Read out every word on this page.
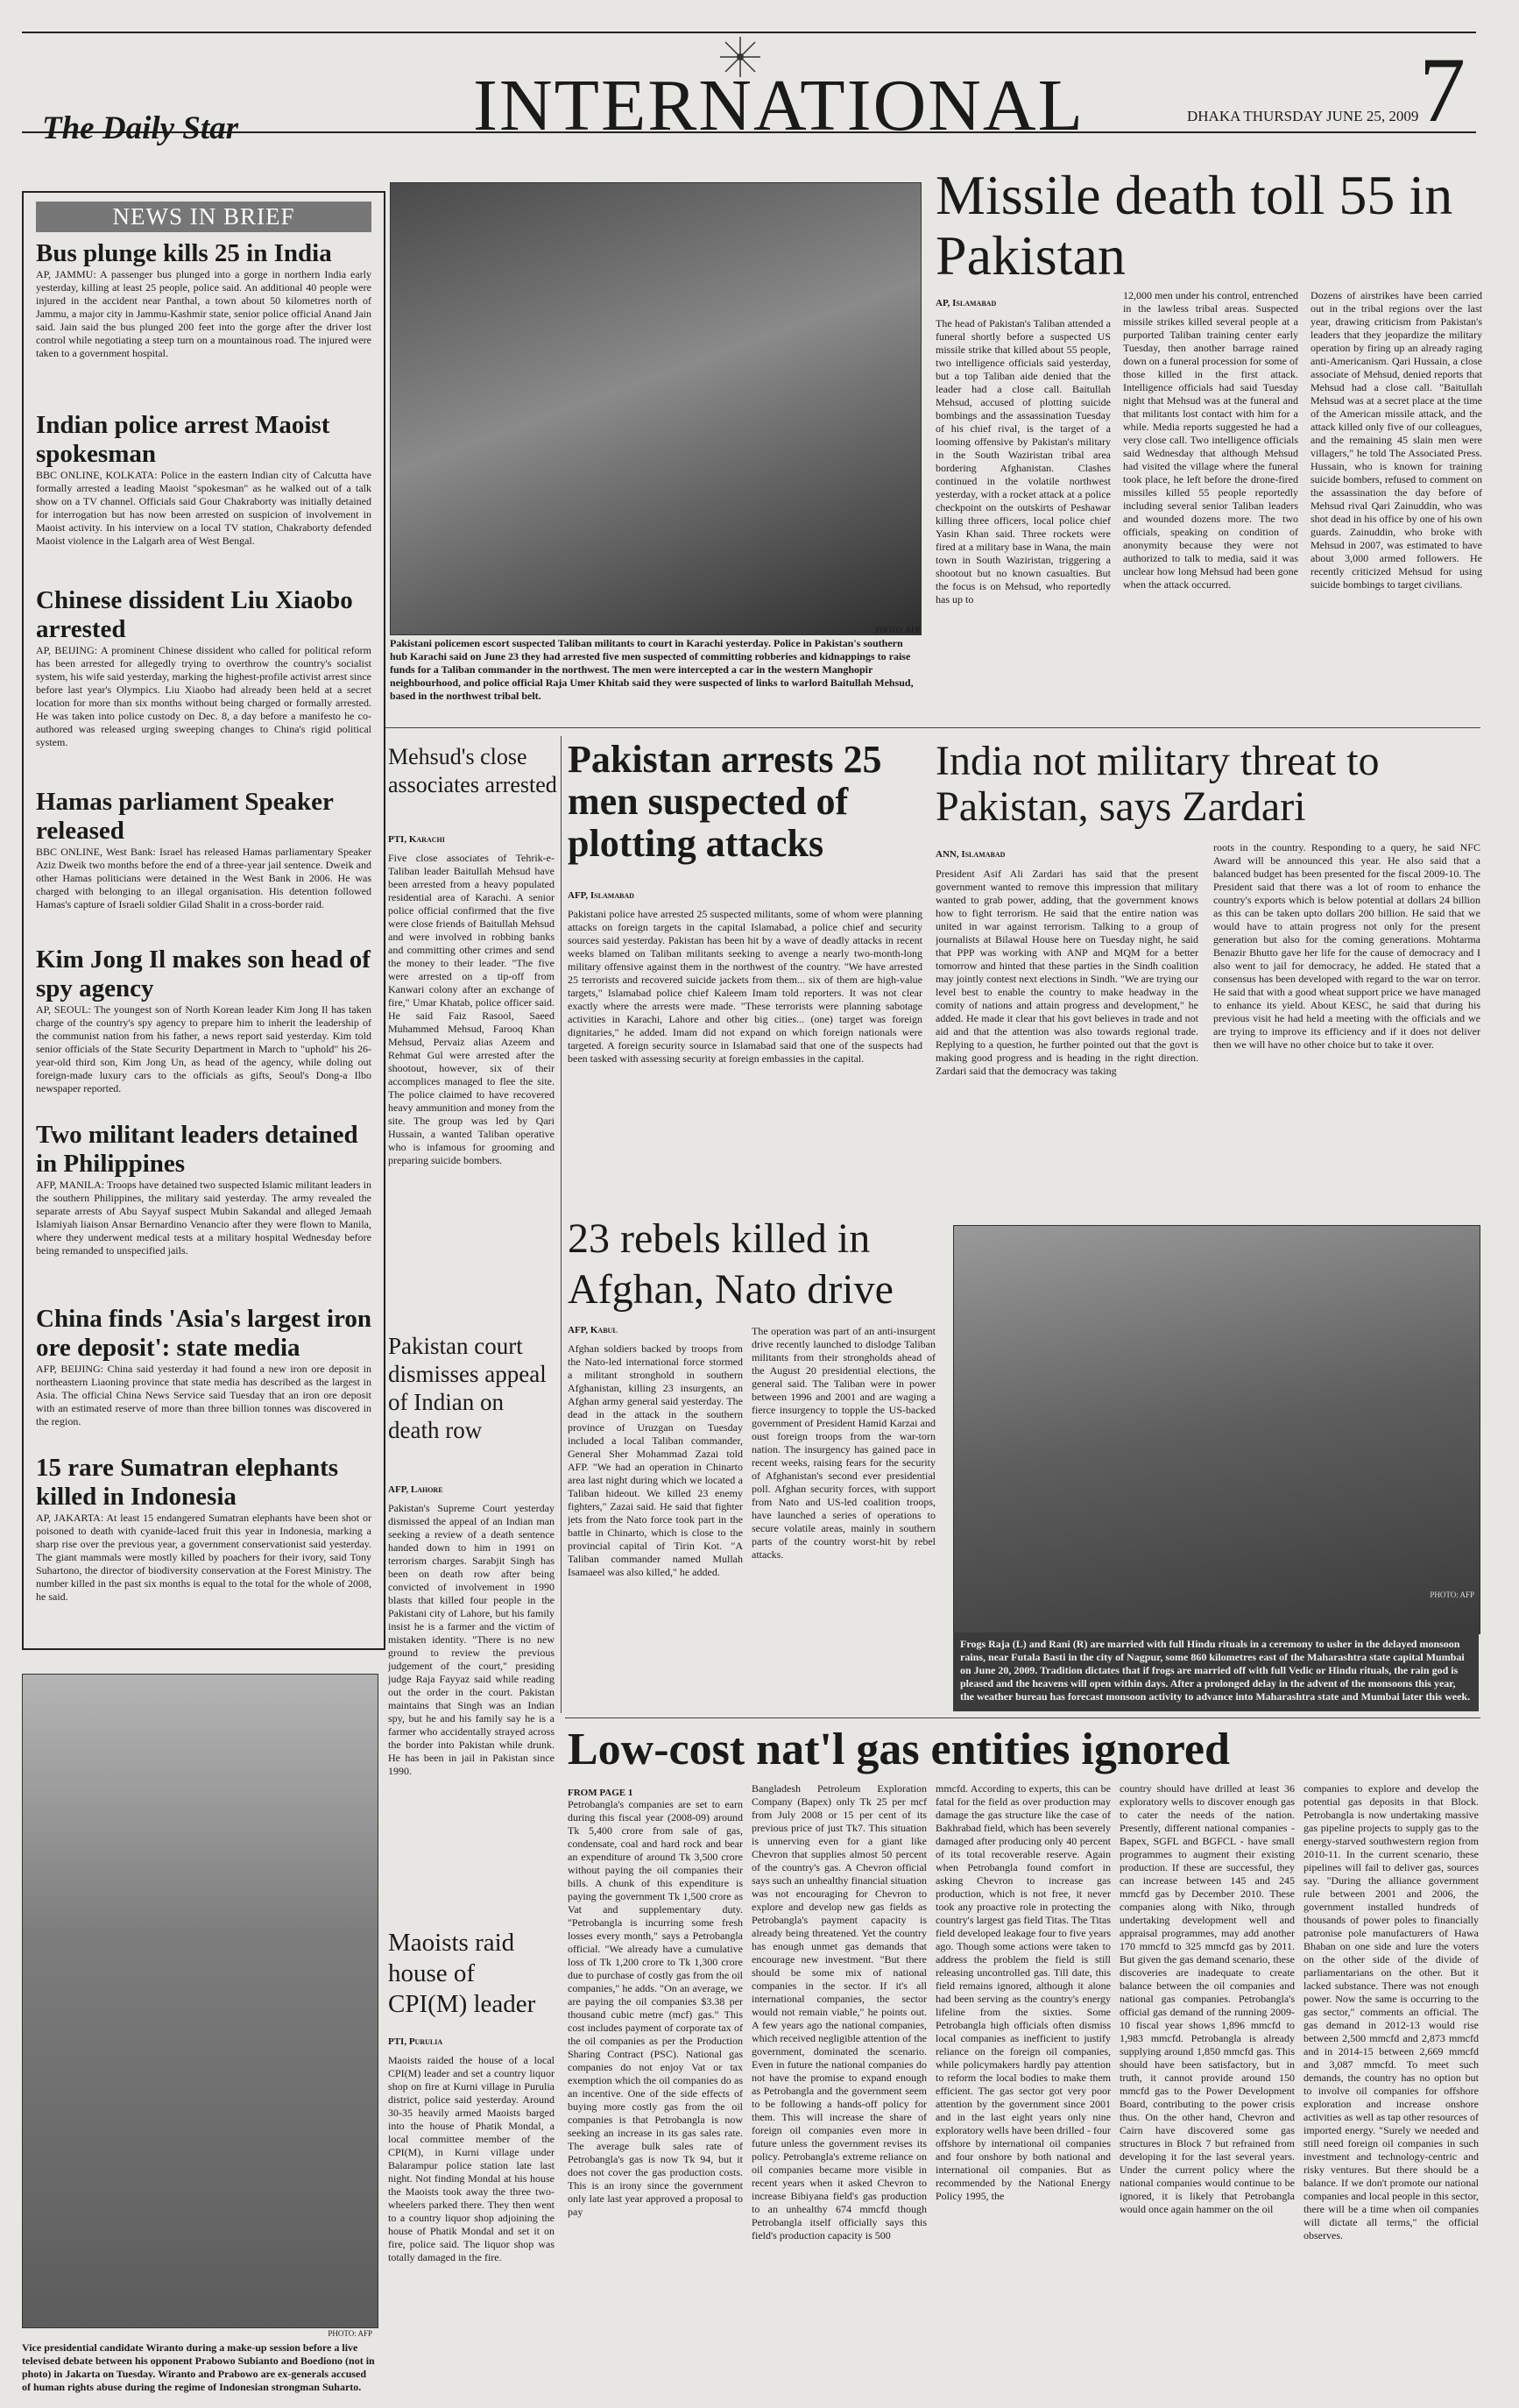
The Daily Star	INTERNATIONAL	DHAKA THURSDAY JUNE 25, 2009 7
NEWS IN BRIEF
Bus plunge kills 25 in India

AP, JAMMU: A passenger bus plunged into a gorge in northern India early yesterday, killing at least 25 people, police said. An additional 40 people were injured in the accident near Panthal, a town about 50 kilometres north of Jammu, a major city in Jammu-Kashmir state, senior police official Anand Jain said. Jain said the bus plunged 200 feet into the gorge after the driver lost control while negotiating a steep turn on a mountainous road. The injured were taken to a government hospital.

Indian police arrest Maoist spokesman

BBC ONLINE, KOLKATA: Police in the eastern Indian city of Calcutta have formally arrested a leading Maoist "spokesman" as he walked out of a talk show on a TV channel. Officials said Gour Chakraborty was initially detained for interrogation but has now been arrested on suspicion of involvement in Maoist activity. In his interview on a local TV station, Chakraborty defended Maoist violence in the Lalgarh area of West Bengal.

Chinese dissident Liu Xiaobo arrested

AP, BEIJING: A prominent Chinese dissident who called for political reform has been arrested for allegedly trying to overthrow the country's socialist system, his wife said yesterday, marking the highest-profile activist arrest since before last year's Olympics. Liu Xiaobo had already been held at a secret location for more than six months without being charged or formally arrested. He was taken into police custody on Dec. 8, a day before a manifesto he co-authored was released urging sweeping changes to China's rigid political system.

Hamas parliament Speaker released

BBC ONLINE, West Bank: Israel has released Hamas parliamentary Speaker Aziz Dweik two months before the end of a three-year jail sentence. Dweik and other Hamas politicians were detained in the West Bank in 2006. He was charged with belonging to an illegal organisation. His detention followed Hamas's capture of Israeli soldier Gilad Shalit in a cross-border raid.

Kim Jong Il makes son head of spy agency

AP, SEOUL: The youngest son of North Korean leader Kim Jong Il has taken charge of the country's spy agency to prepare him to inherit the leadership of the communist nation from his father, a news report said yesterday. Kim told senior officials of the State Security Department in March to "uphold" his 26-year-old third son, Kim Jong Un, as head of the agency, while doling out foreign-made luxury cars to the officials as gifts, Seoul's Dong-a Ilbo newspaper reported.

Two militant leaders detained in Philippines

AFP, MANILA: Troops have detained two suspected Islamic militant leaders in the southern Philippines, the military said yesterday. The army revealed the separate arrests of Abu Sayyaf suspect Mubin Sakandal and alleged Jemaah Islamiyah liaison Ansar Bernardino Venancio after they were flown to Manila, where they underwent medical tests at a military hospital Wednesday before being remanded to unspecified jails.

China finds 'Asia's largest iron ore deposit': state media

AFP, BEIJING: China said yesterday it had found a new iron ore deposit in northeastern Liaoning province that state media has described as the largest in Asia. The official China News Service said Tuesday that an iron ore deposit with an estimated reserve of more than three billion tonnes was discovered in the region.

15 rare Sumatran elephants killed in Indonesia

AP, JAKARTA: At least 15 endangered Sumatran elephants have been shot or poisoned to death with cyanide-laced fruit this year in Indonesia, marking a sharp rise over the previous year, a government conservationist said yesterday. The giant mammals were mostly killed by poachers for their ivory, said Tony Suhartono, the director of biodiversity conservation at the Forest Ministry. The number killed in the past six months is equal to the total for the whole of 2008, he said.

PHOTO: AFP
Pakistani policemen escort suspected Taliban militants to court in Karachi yesterday. Police in Pakistan's southern hub Karachi said on June 23 they had arrested five men suspected of committing robberies and kidnappings to raise funds for a Taliban commander in the northwest. The men were intercepted a car in the western Manghopir neighbourhood, and police official Raja Umer Khitab said they were suspected of links to warlord Baitullah Mehsud, based in the northwest tribal belt.
Missile death toll 55 in Pakistan
AP, Islamabad
The head of Pakistan's Taliban attended a funeral shortly before a suspected US missile strike that killed about 55 people, two intelligence officials said yesterday, but a top Taliban aide denied that the leader had a close call. Baitullah Mehsud, accused of plotting suicide bombings and the assassination Tuesday of his chief rival, is the target of a looming offensive by Pakistan's military in the South Waziristan tribal area bordering Afghanistan. Clashes continued in the volatile northwest yesterday, with a rocket attack at a police checkpoint on the outskirts of Peshawar killing three officers, local police chief Yasin Khan said. Three rockets were fired at a military base in Wana, the main town in South Waziristan, triggering a shootout but no known casualties. But the focus is on Mehsud, who reportedly has up to
12,000 men under his control, entrenched in the lawless tribal areas. Suspected missile strikes killed several people at a purported Taliban training center early Tuesday, then another barrage rained down on a funeral procession for some of those killed in the first attack. Intelligence officials had said Tuesday night that Mehsud was at the funeral and that militants lost contact with him for a while. Media reports suggested he had a very close call. Two intelligence officials said Wednesday that although Mehsud had visited the village where the funeral took place, he left before the drone-fired missiles killed 55 people reportedly including several senior Taliban leaders and wounded dozens more. The two officials, speaking on condition of anonymity because they were not authorized to talk to media, said it was unclear how long Mehsud had been gone when the attack occurred.
Dozens of airstrikes have been carried out in the tribal regions over the last year, drawing criticism from Pakistan's leaders that they jeopardize the military operation by firing up an already raging anti-Americanism. Qari Hussain, a close associate of Mehsud, denied reports that Mehsud had a close call. "Baitullah Mehsud was at a secret place at the time of the American missile attack, and the attack killed only five of our colleagues, and the remaining 45 slain men were villagers," he told The Associated Press. Hussain, who is known for training suicide bombers, refused to comment on the assassination the day before of Mehsud rival Qari Zainuddin, who was shot dead in his office by one of his own guards. Zainuddin, who broke with Mehsud in 2007, was estimated to have about 3,000 armed followers. He recently criticized Mehsud for using suicide bombings to target civilians.
Mehsud's close associates arrested
PTI, Karachi
Five close associates of Tehrik-e-Taliban leader Baitullah Mehsud have been arrested from a heavy populated residential area of Karachi. A senior police official confirmed that the five were close friends of Baitullah Mehsud and were involved in robbing banks and committing other crimes and send the money to their leader. "The five were arrested on a tip-off from Kanwari colony after an exchange of fire," Umar Khatab, police officer said. He said Faiz Rasool, Saeed Muhammed Mehsud, Farooq Khan Mehsud, Pervaiz alias Azeem and Rehmat Gul were arrested after the shootout, however, six of their accomplices managed to flee the site. The police claimed to have recovered heavy ammunition and money from the site. The group was led by Qari Hussain, a wanted Taliban operative who is infamous for grooming and preparing suicide bombers.
Pakistan arrests 25 men suspected of plotting attacks
AFP, Islamabad
Pakistani police have arrested 25 suspected militants, some of whom were planning attacks on foreign targets in the capital Islamabad, a police chief and security sources said yesterday. Pakistan has been hit by a wave of deadly attacks in recent weeks blamed on Taliban militants seeking to avenge a nearly two-month-long military offensive against them in the northwest of the country. "We have arrested 25 terrorists and recovered suicide jackets from them... six of them are high-value targets," Islamabad police chief Kaleem Imam told reporters. It was not clear exactly where the arrests were made. "These terrorists were planning sabotage activities in Karachi, Lahore and other big cities... (one) target was foreign dignitaries," he added. Imam did not expand on which foreign nationals were targeted. A foreign security source in Islamabad said that one of the suspects had been tasked with assessing security at foreign embassies in the capital.
India not military threat to Pakistan, says Zardari
ANN, Islamabad
President Asif Ali Zardari has said that the present government wanted to remove this impression that military wanted to grab power, adding, that the government knows how to fight terrorism. He said that the entire nation was united in war against terrorism. Talking to a group of journalists at Bilawal House here on Tuesday night, he said that PPP was working with ANP and MQM for a better tomorrow and hinted that these parties in the Sindh coalition may jointly contest next elections in Sindh. "We are trying our level best to enable the country to make headway in the comity of nations and attain progress and development," he added. He made it clear that his govt believes in trade and not aid and that the attention was also towards regional trade. Replying to a question, he further pointed out that the govt is making good progress and is heading in the right direction. Zardari said that the democracy was taking
roots in the country. Responding to a query, he said NFC Award will be announced this year. He also said that a balanced budget has been presented for the fiscal 2009-10. The President said that there was a lot of room to enhance the country's exports which is below potential at dollars 24 billion as this can be taken upto dollars 200 billion. He said that we would have to attain progress not only for the present generation but also for the coming generations. Mohtarma Benazir Bhutto gave her life for the cause of democracy and I also went to jail for democracy, he added. He stated that a consensus has been developed with regard to the war on terror. He said that with a good wheat support price we have managed to enhance its yield. About KESC, he said that during his previous visit he had held a meeting with the officials and we are trying to improve its efficiency and if it does not deliver then we will have no other choice but to take it over.
PHOTO: AFP
Frogs Raja (L) and Rani (R) are married with full Hindu rituals in a ceremony to usher in the delayed monsoon rains, near Futala Basti in the city of Nagpur, some 860 kilometres east of the Maharashtra state capital Mumbai on June 20, 2009. Tradition dictates that if frogs are married off with full Vedic or Hindu rituals, the rain god is pleased and the heavens will open within days. After a prolonged delay in the advent of the monsoons this year, the weather bureau has forecast monsoon activity to advance into Maharashtra state and Mumbai later this week.
23 rebels killed in Afghan, Nato drive
AFP, Kabul
Afghan soldiers backed by troops from the Nato-led international force stormed a militant stronghold in southern Afghanistan, killing 23 insurgents, an Afghan army general said yesterday. The dead in the attack in the southern province of Uruzgan on Tuesday included a local Taliban commander, General Sher Mohammad Zazai told AFP. "We had an operation in Chinarto area last night during which we located a Taliban hideout. We killed 23 enemy fighters," Zazai said. He said that fighter jets from the Nato force took part in the battle in Chinarto, which is close to the provincial capital of Tirin Kot. "A Taliban commander named Mullah Isamaeel was also killed," he added.
The operation was part of an anti-insurgent drive recently launched to dislodge Taliban militants from their strongholds ahead of the August 20 presidential elections, the general said. The Taliban were in power between 1996 and 2001 and are waging a fierce insurgency to topple the US-backed government of President Hamid Karzai and oust foreign troops from the war-torn nation. The insurgency has gained pace in recent weeks, raising fears for the security of Afghanistan's second ever presidential poll. Afghan security forces, with support from Nato and US-led coalition troops, have launched a series of operations to secure volatile areas, mainly in southern parts of the country worst-hit by rebel attacks.
Pakistan court dismisses appeal of Indian on death row
AFP, Lahore
Pakistan's Supreme Court yesterday dismissed the appeal of an Indian man seeking a review of a death sentence handed down to him in 1991 on terrorism charges. Sarabjit Singh has been on death row after being convicted of involvement in 1990 blasts that killed four people in the Pakistani city of Lahore, but his family insist he is a farmer and the victim of mistaken identity. "There is no new ground to review the previous judgement of the court," presiding judge Raja Fayyaz said while reading out the order in the court. Pakistan maintains that Singh was an Indian spy, but he and his family say he is a farmer who accidentally strayed across the border into Pakistan while drunk. He has been in jail in Pakistan since 1990.
Maoists raid house of CPI(M) leader
PTI, Purulia
Maoists raided the house of a local CPI(M) leader and set a country liquor shop on fire at Kurni village in Purulia district, police said yesterday. Around 30-35 heavily armed Maoists barged into the house of Phatik Mondal, a local committee member of the CPI(M), in Kurni village under Balarampur police station late last night. Not finding Mondal at his house the Maoists took away the three two-wheelers parked there. They then went to a country liquor shop adjoining the house of Phatik Mondal and set it on fire, police said. The liquor shop was totally damaged in the fire.
PHOTO: AFP
Vice presidential candidate Wiranto during a make-up session before a live televised debate between his opponent Prabowo Subianto and Boediono (not in photo) in Jakarta on Tuesday. Wiranto and Prabowo are ex-generals accused of human rights abuse during the regime of Indonesian strongman Suharto.
Low-cost nat'l gas entities ignored
FROM PAGE 1
Petrobangla's companies are set to earn during this fiscal year (2008-09) around Tk 5,400 crore from sale of gas, condensate, coal and hard rock and bear an expenditure of around Tk 3,500 crore without paying the oil companies their bills. A chunk of this expenditure is paying the government Tk 1,500 crore as Vat and supplementary duty. "Petrobangla is incurring some fresh losses every month," says a Petrobangla official. "We already have a cumulative loss of Tk 1,200 crore to Tk 1,300 crore due to purchase of costly gas from the oil companies," he adds. "On an average, we are paying the oil companies $3.38 per thousand cubic metre (mcf) gas." This cost includes payment of corporate tax of the oil companies as per the Production Sharing Contract (PSC). National gas companies do not enjoy Vat or tax exemption which the oil companies do as an incentive. One of the side effects of buying more costly gas from the oil companies is that Petrobangla is now seeking an increase in its gas sales rate. The average bulk sales rate of Petrobangla's gas is now Tk 94, but it does not cover the gas production costs. This is an irony since the government only late last year approved a proposal to pay
Bangladesh Petroleum Exploration Company (Bapex) only Tk 25 per mcf from July 2008 or 15 per cent of its previous price of just Tk7. This situation is unnerving even for a giant like Chevron that supplies almost 50 percent of the country's gas. A Chevron official says such an unhealthy financial situation was not encouraging for Chevron to explore and develop new gas fields as Petrobangla's payment capacity is already being threatened. Yet the country has enough unmet gas demands that encourage new investment. "But there should be some mix of national companies in the sector. If it's all international companies, the sector would not remain viable," he points out. A few years ago the national companies, which received negligible attention of the government, dominated the scenario. Even in future the national companies do not have the promise to expand enough as Petrobangla and the government seem to be following a hands-off policy for them. This will increase the share of foreign oil companies even more in future unless the government revises its policy. Petrobangla's extreme reliance on oil companies became more visible in recent years when it asked Chevron to increase Bibiyana field's gas production to an unhealthy 674 mmcfd though Petrobangla itself officially says this field's production capacity is 500
mmcfd. According to experts, this can be fatal for the field as over production may damage the gas structure like the case of Bakhrabad field, which has been severely damaged after producing only 40 percent of its total recoverable reserve. Again when Petrobangla found comfort in asking Chevron to increase gas production, which is not free, it never took any proactive role in protecting the country's largest gas field Titas. The Titas field developed leakage four to five years ago. Though some actions were taken to address the problem the field is still releasing uncontrolled gas. Till date, this field remains ignored, although it alone had been serving as the country's energy lifeline from the sixties. Some Petrobangla high officials often dismiss local companies as inefficient to justify reliance on the foreign oil companies, while policymakers hardly pay attention to reform the local bodies to make them efficient. The gas sector got very poor attention by the government since 2001 and in the last eight years only nine exploratory wells have been drilled - four offshore by international oil companies and four onshore by both national and international oil companies. But as recommended by the National Energy Policy 1995, the
country should have drilled at least 36 exploratory wells to discover enough gas to cater the needs of the nation. Presently, different national companies - Bapex, SGFL and BGFCL - have small programmes to augment their existing production. If these are successful, they can increase between 145 and 245 mmcfd gas by December 2010. These companies along with Niko, through undertaking development well and appraisal programmes, may add another 170 mmcfd to 325 mmcfd gas by 2011. But given the gas demand scenario, these discoveries are inadequate to create balance between the oil companies and national gas companies. Petrobangla's official gas demand of the running 2009-10 fiscal year shows 1,896 mmcfd to 1,983 mmcfd. Petrobangla is already supplying around 1,850 mmcfd gas. This should have been satisfactory, but in truth, it cannot provide around 150 mmcfd gas to the Power Development Board, contributing to the power crisis thus. On the other hand, Chevron and Cairn have discovered some gas structures in Block 7 but refrained from developing it for the last several years. Under the current policy where the national companies would continue to be ignored, it is likely that Petrobangla would once again hammer on the oil
companies to explore and develop the potential gas deposits in that Block. Petrobangla is now undertaking massive gas pipeline projects to supply gas to the energy-starved southwestern region from 2010-11. In the current scenario, these pipelines will fail to deliver gas, sources say. "During the alliance government rule between 2001 and 2006, the government installed hundreds of thousands of power poles to financially patronise pole manufacturers of Hawa Bhaban on one side and lure the voters on the other side of the divide of parliamentarians on the other. But it lacked substance. There was not enough power. Now the same is occurring to the gas sector," comments an official. The gas demand in 2012-13 would rise between 2,500 mmcfd and 2,873 mmcfd and in 2014-15 between 2,669 mmcfd and 3,087 mmcfd. To meet such demands, the country has no option but to involve oil companies for offshore exploration and increase onshore activities as well as tap other resources of imported energy. "Surely we needed and still need foreign oil companies in such investment and technology-centric and risky ventures. But there should be a balance. If we don't promote our national companies and local people in this sector, there will be a time when oil companies will dictate all terms," the official observes.
